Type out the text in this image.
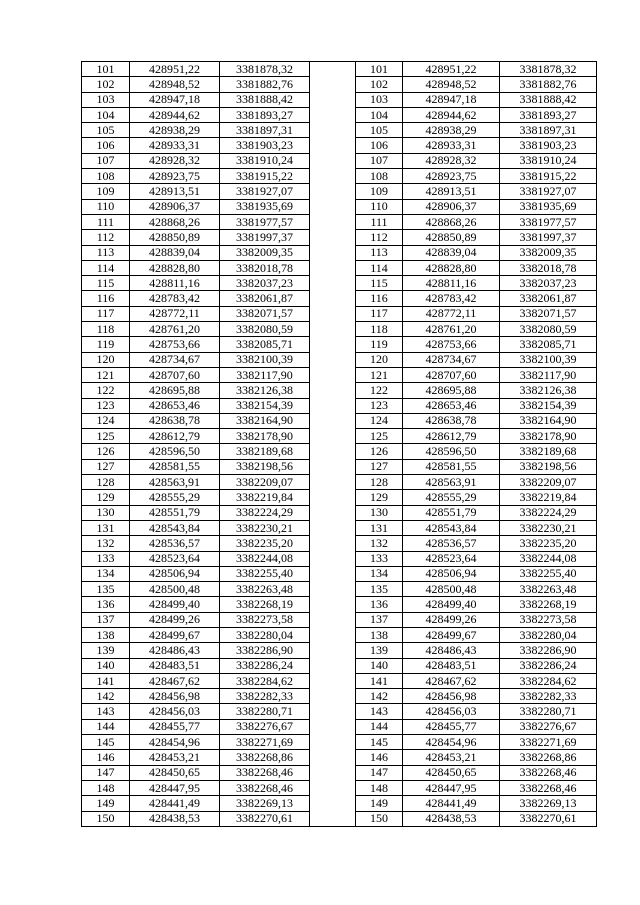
101	428951,22	3381878,32		101	428951,22	3381878,32
102	428948,52	3381882,76		102	428948,52	3381882,76
103	428947,18	3381888,42		103	428947,18	3381888,42
104	428944,62	3381893,27		104	428944,62	3381893,27
105	428938,29	3381897,31		105	428938,29	3381897,31
106	428933,31	3381903,23		106	428933,31	3381903,23
107	428928,32	3381910,24		107	428928,32	3381910,24
108	428923,75	3381915,22		108	428923,75	3381915,22
109	428913,51	3381927,07		109	428913,51	3381927,07
110	428906,37	3381935,69		110	428906,37	3381935,69
111	428868,26	3381977,57		111	428868,26	3381977,57
112	428850,89	3381997,37		112	428850,89	3381997,37
113	428839,04	3382009,35		113	428839,04	3382009,35
114	428828,80	3382018,78		114	428828,80	3382018,78
115	428811,16	3382037,23		115	428811,16	3382037,23
116	428783,42	3382061,87		116	428783,42	3382061,87
117	428772,11	3382071,57		117	428772,11	3382071,57
118	428761,20	3382080,59		118	428761,20	3382080,59
119	428753,66	3382085,71		119	428753,66	3382085,71
120	428734,67	3382100,39		120	428734,67	3382100,39
121	428707,60	3382117,90		121	428707,60	3382117,90
122	428695,88	3382126,38		122	428695,88	3382126,38
123	428653,46	3382154,39		123	428653,46	3382154,39
124	428638,78	3382164,90		124	428638,78	3382164,90
125	428612,79	3382178,90		125	428612,79	3382178,90
126	428596,50	3382189,68		126	428596,50	3382189,68
127	428581,55	3382198,56		127	428581,55	3382198,56
128	428563,91	3382209,07		128	428563,91	3382209,07
129	428555,29	3382219,84		129	428555,29	3382219,84
130	428551,79	3382224,29		130	428551,79	3382224,29
131	428543,84	3382230,21		131	428543,84	3382230,21
132	428536,57	3382235,20		132	428536,57	3382235,20
133	428523,64	3382244,08		133	428523,64	3382244,08
134	428506,94	3382255,40		134	428506,94	3382255,40
135	428500,48	3382263,48		135	428500,48	3382263,48
136	428499,40	3382268,19		136	428499,40	3382268,19
137	428499,26	3382273,58		137	428499,26	3382273,58
138	428499,67	3382280,04		138	428499,67	3382280,04
139	428486,43	3382286,90		139	428486,43	3382286,90
140	428483,51	3382286,24		140	428483,51	3382286,24
141	428467,62	3382284,62		141	428467,62	3382284,62
142	428456,98	3382282,33		142	428456,98	3382282,33
143	428456,03	3382280,71		143	428456,03	3382280,71
144	428455,77	3382276,67		144	428455,77	3382276,67
145	428454,96	3382271,69		145	428454,96	3382271,69
146	428453,21	3382268,86		146	428453,21	3382268,86
147	428450,65	3382268,46		147	428450,65	3382268,46
148	428447,95	3382268,46		148	428447,95	3382268,46
149	428441,49	3382269,13		149	428441,49	3382269,13
150	428438,53	3382270,61		150	428438,53	3382270,61
